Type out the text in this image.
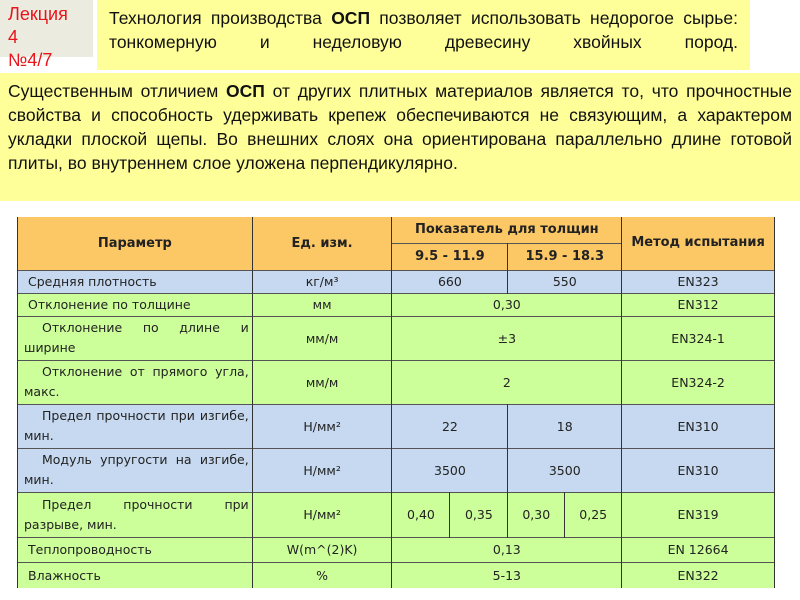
Лекция
4
№4/7
Технология производства ОСП позволяет использовать недорогое сырье: тонкомерную и неделовую древесину хвойных пород.
Существенным отличием ОСП от других плитных материалов является то, что прочностные свойства и способность удерживать крепеж обеспечиваются не связующим, а характером укладки плоской щепы. Во внешних слоях она ориентирована параллельно длине готовой плиты, во внутреннем слое уложена перпендикулярно.
Параметр	Ед. изм.	Показатель для толщин				Метод испытания
		9.5 - 11.9		15.9 - 18.3		
Средняя плотность	кг/м³	660		550		EN323
Отклонение по толщине	мм	0,30				EN312
Отклонение по длине и ширине	мм/м	±3				EN324-1
Отклонение от прямого угла, макс.	мм/м	2				EN324-2
Предел прочности при изгибе, мин.	Н/мм²	22		18		EN310
Модуль упругости на изгибе, мин.	Н/мм²	3500		3500		EN310
Предел прочности при разрыве, мин.	Н/мм²	0,40	0,35	0,30	0,25	EN319
Теплопроводность	W(m^(2)K)	0,13				EN 12664
Влажность	%	5-13				EN322
